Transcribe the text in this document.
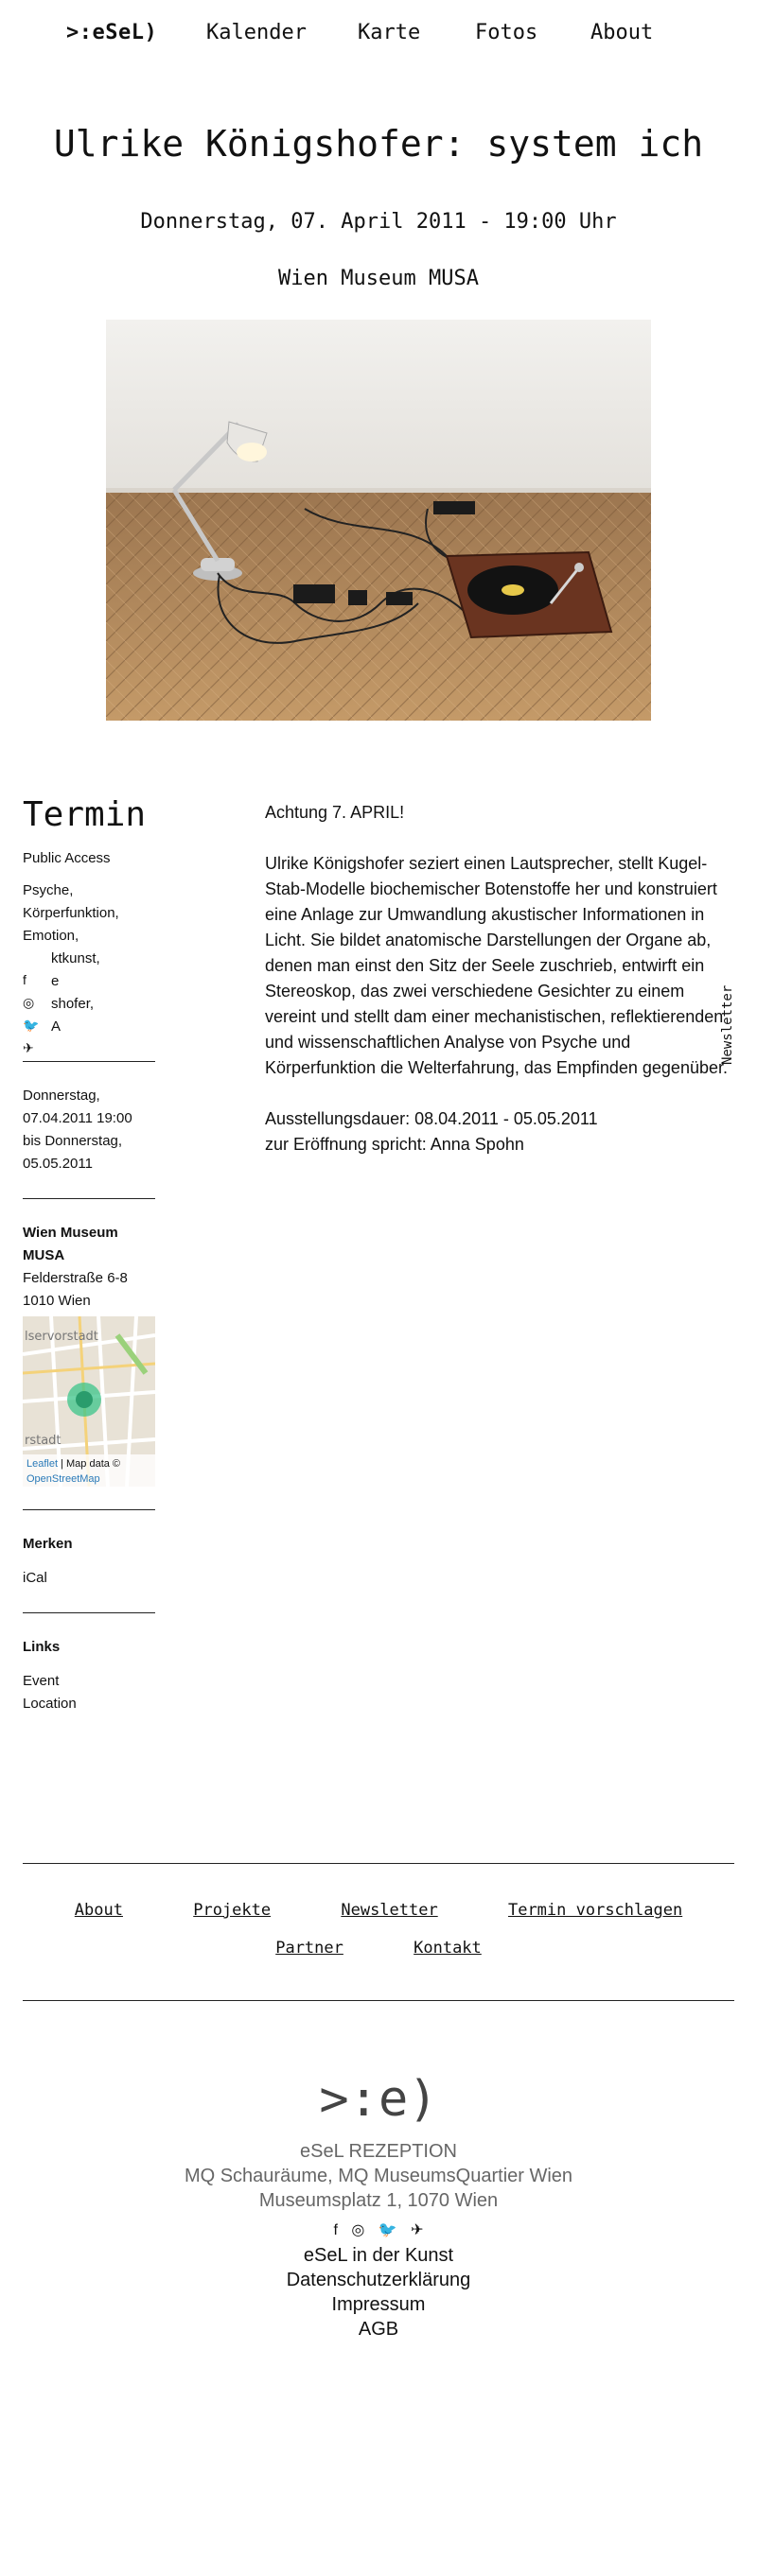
>:eSeL) Kalender Karte	Fotos	About
Ulrike Königshofer: system ich
Donnerstag, 07. April 2011 - 19:00 Uhr
Wien Museum MUSA
Termin
Public Access
Psyche,
Körperfunktion,
Emotion,
ktkunst,
e
shofer,
A
f
◎
🐦
✈
Donnerstag,
07.04.2011 19:00
bis Donnerstag,
05.05.2011
Wien Museum MUSA
Felderstraße 6-8
1010 Wien
lservorstadt
rstadt
Leaflet | Map data ©
OpenStreetMap
Merken
iCal
Links
Event
Location

Achtung 7. APRIL!

Ulrike Königshofer seziert einen Lautsprecher, stellt Kugel-Stab-Modelle biochemischer Botenstoffe her und konstruiert eine Anlage zur Umwandlung akustischer Informationen in Licht. Sie bildet anatomische Darstellungen der Organe ab, denen man einst den Sitz der Seele zuschrieb, entwirft ein Stereoskop, das zwei verschiedene Gesichter zu einem vereint und stellt dam einer mechanistischen, reflektierenden und wissenschaftlichen Analyse von Psyche und Körperfunktion die Welterfahrung, das Empfinden gegenüber.

Ausstellungsdauer: 08.04.2011 - 05.05.2011
zur Eröffnung spricht: Anna Spohn

Newsletter
About	Projekte	Newsletter	Termin vorschlagen
Partner	Kontakt
>:e)
eSeL REZEPTION
MQ Schauräume, MQ MuseumsQuartier Wien
Museumsplatz 1, 1070 Wien
f ◎ 🐦 ✈
eSeL in der Kunst
Datenschutzerklärung
Impressum
AGB
